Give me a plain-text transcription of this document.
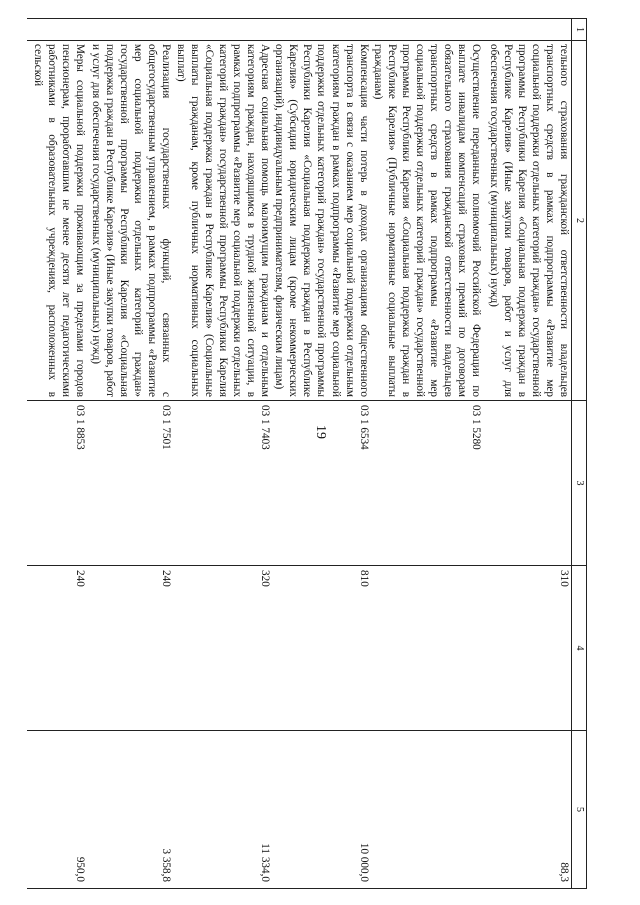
19
1	2	3	4	5
	тельного страхования гражданской ответственности владельцев транспортных средств в рамках подпрограммы «Развитие мер социальной поддержки отдельных категорий граждан» государственной программы Республики Карелия «Социальная поддержка граждан в Республике Карелия» (Иные закупки товаров, работ и услуг для обеспечения государственных (муниципальных) нужд)		310	88,3
	Осуществление переданных полномочий Российской Федерации по выплате инвалидам компенсаций страховых премий по договорам обязательного страхования гражданской ответственности владельцев транспортных средств в рамках подпрограммы «Развитие мер социальной поддержки отдельных категорий граждан» государственной программы Республики Карелия «Социальная поддержка граждан в Республике Карелия» (Публичные нормативные социальные выплаты гражданам)	03 1 5280		
	Компенсация части потерь в доходах организациям общественного транспорта в связи с оказанием мер социальной поддержки отдельным категориям граждан в рамках подпрограммы «Развитие мер социальной поддержки отдельных категорий граждан» государственной программы Республики Карелия «Социальная поддержка граждан в Республике Карелия» (Субсидии юридическим лицам (кроме некоммерческих организаций), индивидуальным предпринимателям, физическим лицам)	03 1 6534	810	10 000,0
	Адресная социальная помощь малоимущим гражданам и отдельным категориям граждан, находящимся в трудной жизненной ситуации, в рамках подпрограммы «Развитие мер социальной поддержки отдельных категорий граждан» государственной программы Республики Карелия «Социальная поддержка граждан в Республике Карелия» (Социальные выплаты гражданам, кроме публичных нормативных социальных выплат)	03 1 7403	320	11 334,0
	Реализация государственных функций, связанных с общегосударственным управлением, в рамках подпрограммы «Развитие мер социальной поддержки отдельных категорий граждан» государственной программы Республики Карелия «Социальная поддержка граждан в Республике Карелия» (Иные закупки товаров, работ и услуг для обеспечения государственных (муниципальных) нужд)	03 1 7501	240	3 358,8
	Меры социальной поддержки проживающим за пределами городов пенсионерам, проработавшим не менее десяти лет педагогическими работниками в образовательных учреждениях, расположенных в сельской	03 1 8853	240	950,0
